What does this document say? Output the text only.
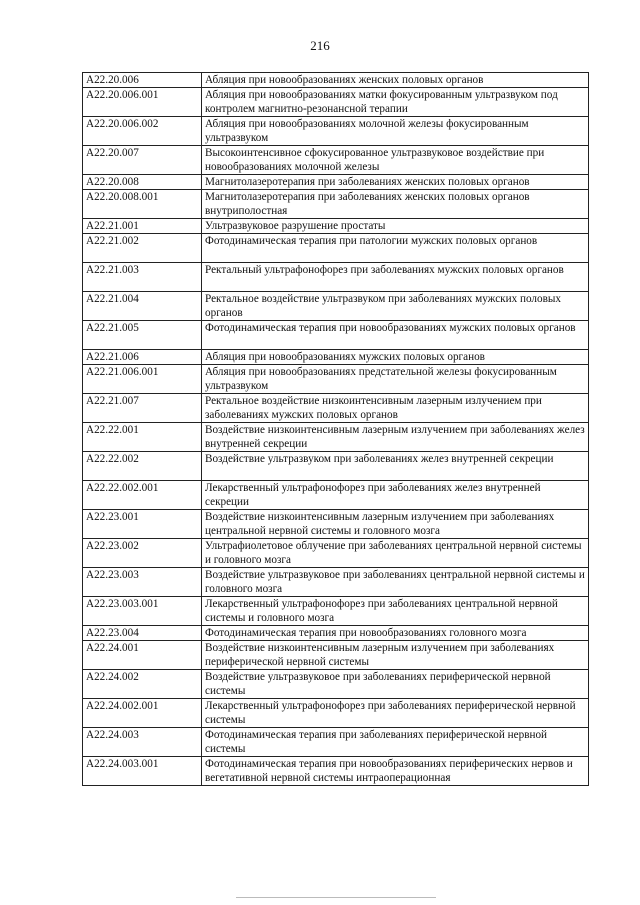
216
A22.20.006	Абляция при новообразованиях женских половых органов
A22.20.006.001	Абляция при новообразованиях матки фокусированным ультразвуком под контролем магнитно-резонансной терапии
A22.20.006.002	Абляция при новообразованиях молочной железы фокусированным ультразвуком
A22.20.007	Высокоинтенсивное сфокусированное ультразвуковое воздействие при новообразованиях молочной железы
A22.20.008	Магнитолазеротерапия при заболеваниях женских половых органов
A22.20.008.001	Магнитолазеротерапия при заболеваниях женских половых органов внутриполостная
A22.21.001	Ультразвуковое разрушение простаты
A22.21.002	Фотодинамическая терапия при патологии мужских половых органов
A22.21.003	Ректальный ультрафонофорез при заболеваниях мужских половых органов
A22.21.004	Ректальное воздействие ультразвуком при заболеваниях мужских половых органов
A22.21.005	Фотодинамическая терапия при новообразованиях мужских половых органов
A22.21.006	Абляция при новообразованиях мужских половых органов
A22.21.006.001	Абляция при новообразованиях предстательной железы фокусированным ультразвуком
A22.21.007	Ректальное воздействие низкоинтенсивным лазерным излучением при заболеваниях мужских половых органов
A22.22.001	Воздействие низкоинтенсивным лазерным излучением при заболеваниях желез внутренней секреции
A22.22.002	Воздействие ультразвуком при заболеваниях желез внутренней секреции
A22.22.002.001	Лекарственный ультрафонофорез при заболеваниях желез внутренней секреции
A22.23.001	Воздействие низкоинтенсивным лазерным излучением при заболеваниях центральной нервной системы и головного мозга
A22.23.002	Ультрафиолетовое облучение при заболеваниях центральной нервной системы и головного мозга
A22.23.003	Воздействие ультразвуковое при заболеваниях центральной нервной системы и головного мозга
A22.23.003.001	Лекарственный ультрафонофорез при заболеваниях центральной нервной системы и головного мозга
A22.23.004	Фотодинамическая терапия при новообразованиях головного мозга
A22.24.001	Воздействие низкоинтенсивным лазерным излучением при заболеваниях периферической нервной системы
A22.24.002	Воздействие ультразвуковое при заболеваниях периферической нервной системы
A22.24.002.001	Лекарственный ультрафонофорез при заболеваниях периферической нервной системы
A22.24.003	Фотодинамическая терапия при заболеваниях периферической нервной системы
A22.24.003.001	Фотодинамическая терапия при новообразованиях периферических нервов и вегетативной нервной системы интраоперационная
